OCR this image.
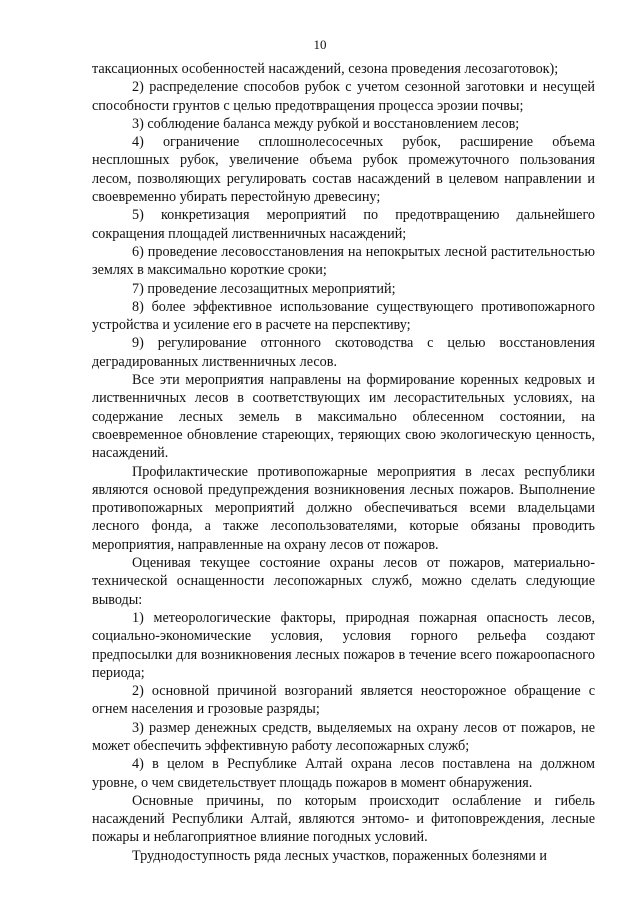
10

таксационных особенностей насаждений, сезона проведения лесозаготовок);

2) распределение способов рубок с учетом сезонной заготовки и несущей способности грунтов с целью предотвращения процесса эрозии почвы;

3) соблюдение баланса между рубкой и восстановлением лесов;

4) ограничение сплошнолесосечных рубок, расширение объема несплошных рубок, увеличение объема рубок промежуточного пользования лесом, позволяющих регулировать состав насаждений в целевом направлении и своевременно убирать перестойную древесину;

5) конкретизация мероприятий по предотвращению дальнейшего сокращения площадей лиственничных насаждений;

6) проведение лесовосстановления на непокрытых лесной растительностью землях в максимально короткие сроки;

7) проведение лесозащитных мероприятий;

8) более эффективное использование существующего противопожарного устройства и усиление его в расчете на перспективу;

9) регулирование отгонного скотоводства с целью восстановления деградированных лиственничных лесов.

Все эти мероприятия направлены на формирование коренных кедровых и лиственничных лесов в соответствующих им лесорастительных условиях, на содержание лесных земель в максимально облесенном состоянии, на своевременное обновление стареющих, теряющих свою экологическую ценность, насаждений.

Профилактические противопожарные мероприятия в лесах республики являются основой предупреждения возникновения лесных пожаров. Выполнение противопожарных мероприятий должно обеспечиваться всеми владельцами лесного фонда, а также лесопользователями, которые обязаны проводить мероприятия, направленные на охрану лесов от пожаров.

Оценивая текущее состояние охраны лесов от пожаров, материально-технической оснащенности лесопожарных служб, можно сделать следующие выводы:

1) метеорологические факторы, природная пожарная опасность лесов, социально-экономические условия, условия горного рельефа создают предпосылки для возникновения лесных пожаров в течение всего пожароопасного периода;

2) основной причиной возгораний является неосторожное обращение с огнем населения и грозовые разряды;

3) размер денежных средств, выделяемых на охрану лесов от пожаров, не может обеспечить эффективную работу лесопожарных служб;

4) в целом в Республике Алтай охрана лесов поставлена на должном уровне, о чем свидетельствует площадь пожаров в момент обнаружения.

Основные причины, по которым происходит ослабление и гибель насаждений Республики Алтай, являются энтомо- и фитоповреждения, лесные пожары и неблагоприятное влияние погодных условий.

Труднодоступность ряда лесных участков, пораженных болезнями и
